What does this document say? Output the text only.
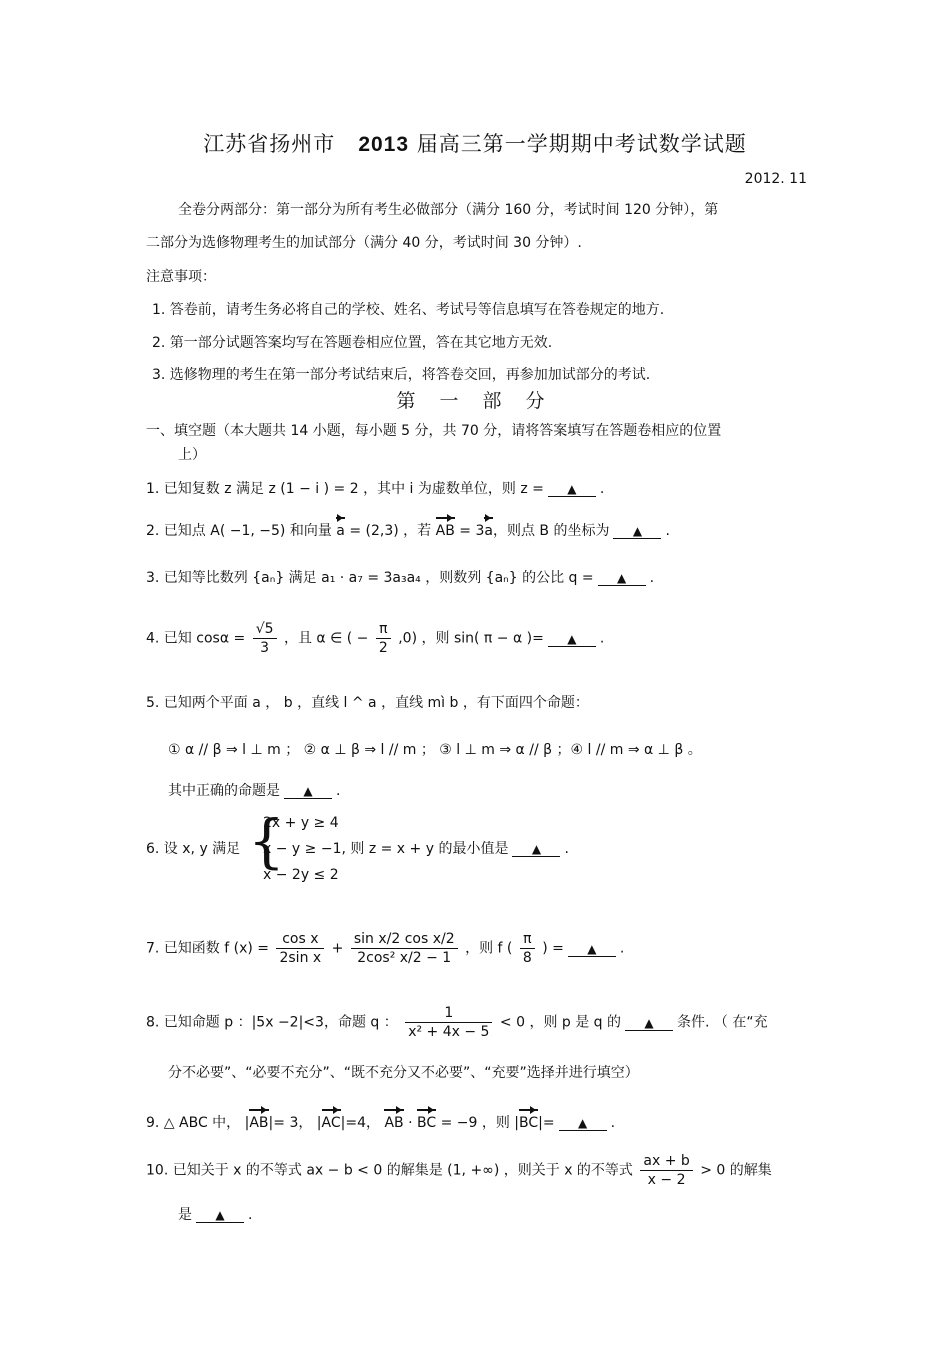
江苏省扬州市 2013 届高三第一学期期中考试数学试题
2012. 11
全卷分两部分：第一部分为所有考生必做部分（满分 160 分，考试时间 120 分钟），第
二部分为选修物理考生的加试部分（满分 40 分，考试时间 30 分钟）.
注意事项：
1. 答卷前，请考生务必将自己的学校、姓名、考试号等信息填写在答卷规定的地方.
2. 第一部分试题答案均写在答题卷相应位置，答在其它地方无效.
3. 选修物理的考生在第一部分考试结束后，将答卷交回，再参加加试部分的考试.
第 一 部 分
一、填空题（本大题共 14 小题，每小题 5 分，共 70 分，请将答案填写在答题卷相应的位置
上）
1. 已知复数 z 满足 z (1 − i ) = 2 ，其中 i 为虚数单位，则 z = ▲ .
2. 已知点 A( −1, −5) 和向量 a = (2,3) ，若 AB = 3a，则点 B 的坐标为 ▲ .
3. 已知等比数列 {aₙ} 满足 a₁ · a₇ = 3a₃a₄ ，则数列 {aₙ} 的公比 q = ▲ .
4. 已知 $\cos\alpha = \frac{√5}{3}$ ，且 α ∈ ( − $\frac{\pi}{2} ,0$) ，则 sin( π − α )= ▲ .
5. 已知两个平面 a ， b ，直线 l ^ a ，直线 mì b ，有下面四个命题：
① α // β ⇒ l ⊥ m ； ② α ⊥ β ⇒ l // m ； ③ l ⊥ m ⇒ α // β ；④ l // m ⇒ α ⊥ β 。
其中正确的命题是 ▲ .
6. 设 x, y 满足 {
2x + y ≥ 4
x − y ≥ −1, 则 z = x + y 的最小值是 ▲ .
x − 2y ≤ 2
7. 已知函数 f $(x) = \frac{\text{cos x}}{\text{2sin x}} + \frac{\text{sin x/2 cos x/2}}{\text{2cos² x/2 − 1}}$ ，则 f ( $\frac{\pi}{8}$ ) = ▲ .
8. 已知命题 p ：|5x −2|<3，命题 q ： $\frac{1}{\text{x² + 4x − 5}} < 0$ ，则 p 是 q 的 ▲ 条件. （ 在“充
分不必要”、“必要不充分”、“既不充分又不必要”、“充要”选择并进行填空）
9. △ ABC 中， |AB|= 3， |AC|=4， AB · BC = −9 ，则 |BC|= ▲ .
10. 已知关于 x 的不等式 ax − b < 0 的解集是 (1, +∞) ，则关于 x 的不等式 $\frac{ax + b}{x - 2} > 0$ 的解集
是 ▲ .
